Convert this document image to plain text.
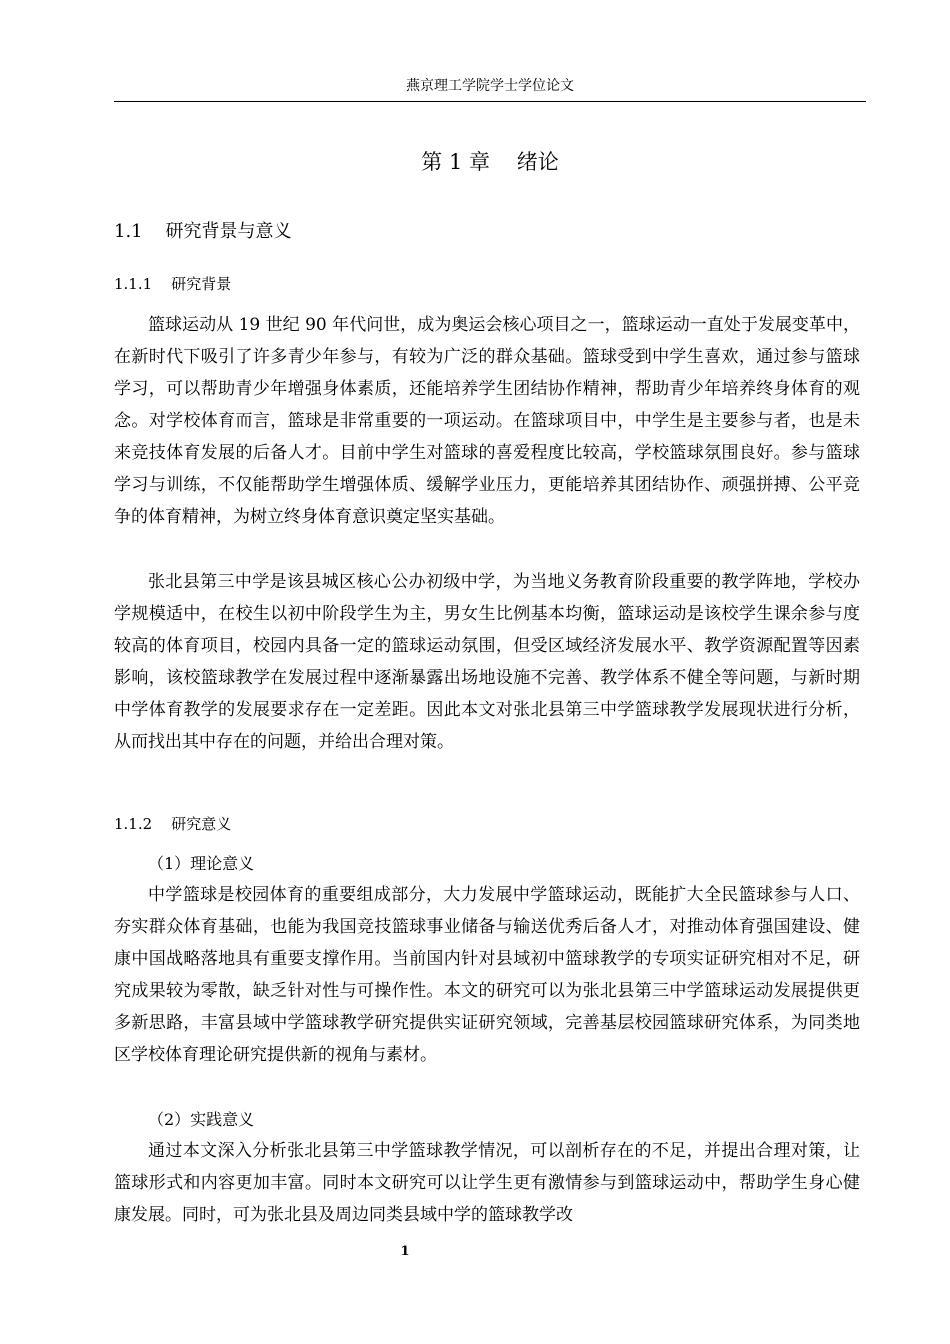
燕京理工学院学士学位论文
第 1 章    绪论
1.1    研究背景与意义
1.1.1    研究背景

篮球运动从 19 世纪 90 年代问世，成为奥运会核心项目之一，篮球运动一直处于发展变革中，在新时代下吸引了许多青少年参与，有较为广泛的群众基础。篮球受到中学生喜欢，通过参与篮球学习，可以帮助青少年增强身体素质，还能培养学生团结协作精神，帮助青少年培养终身体育的观念。对学校体育而言，篮球是非常重要的一项运动。在篮球项目中，中学生是主要参与者，也是未来竞技体育发展的后备人才。目前中学生对篮球的喜爱程度比较高，学校篮球氛围良好。参与篮球学习与训练，不仅能帮助学生增强体质、缓解学业压力，更能培养其团结协作、顽强拼搏、公平竞争的体育精神，为树立终身体育意识奠定坚实基础。

张北县第三中学是该县城区核心公办初级中学，为当地义务教育阶段重要的教学阵地，学校办学规模适中，在校生以初中阶段学生为主，男女生比例基本均衡，篮球运动是该校学生课余参与度较高的体育项目，校园内具备一定的篮球运动氛围，但受区域经济发展水平、教学资源配置等因素影响，该校篮球教学在发展过程中逐渐暴露出场地设施不完善、教学体系不健全等问题，与新时期中学体育教学的发展要求存在一定差距。因此本文对张北县第三中学篮球教学发展现状进行分析，从而找出其中存在的问题，并给出合理对策。

1.1.2    研究意义
（1）理论意义

中学篮球是校园体育的重要组成部分，大力发展中学篮球运动，既能扩大全民篮球参与人口、夯实群众体育基础，也能为我国竞技篮球事业储备与输送优秀后备人才，对推动体育强国建设、健康中国战略落地具有重要支撑作用。当前国内针对县域初中篮球教学的专项实证研究相对不足，研究成果较为零散，缺乏针对性与可操作性。本文的研究可以为张北县第三中学篮球运动发展提供更多新思路，丰富县域中学篮球教学研究提供实证研究领域，完善基层校园篮球研究体系，为同类地区学校体育理论研究提供新的视角与素材。

（2）实践意义

通过本文深入分析张北县第三中学篮球教学情况，可以剖析存在的不足，并提出合理对策，让篮球形式和内容更加丰富。同时本文研究可以让学生更有激情参与到篮球运动中，帮助学生身心健康发展。同时，可为张北县及周边同类县域中学的篮球教学改

1
